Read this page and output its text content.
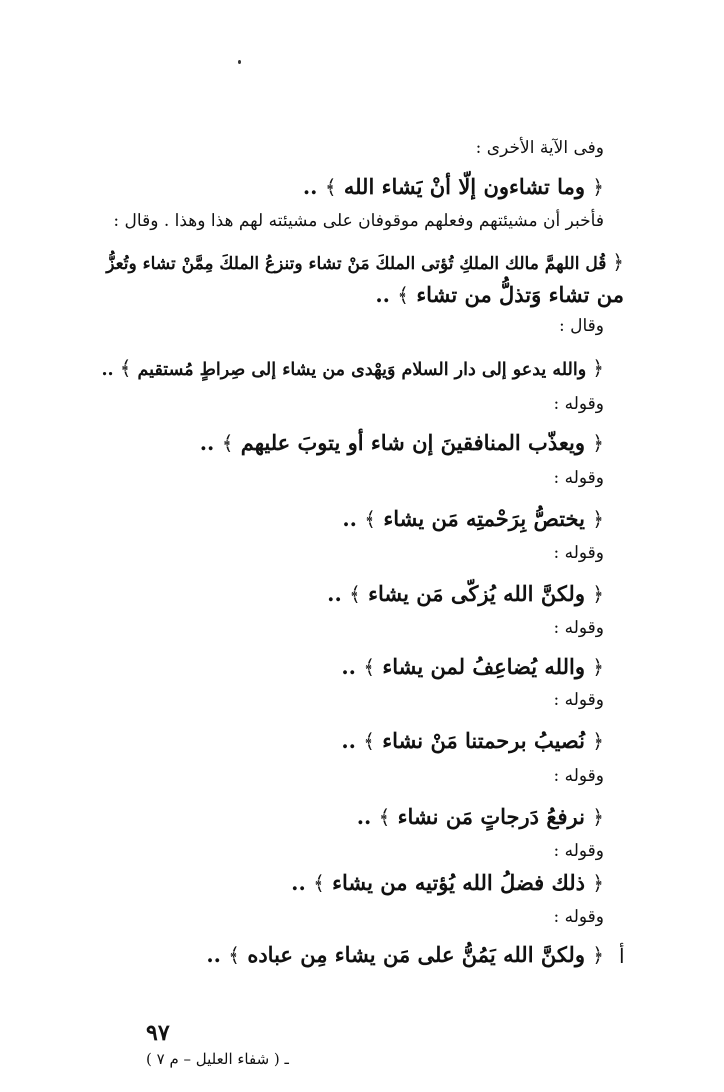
وفى الآية الأخرى :
﴿ وما تشاءون إلّا أنْ يَشاء الله ﴾ ..
فأخبر أن مشيئتهم وفعلهم موقوفان على مشيئته لهم هذا وهذا . وقال :
﴿ قُل اللهمَّ مالك الملكِ تُؤتى الملكَ مَنْ تشاء وتنزعُ الملكَ مِمَّنْ تشاء وتُعزُّ
من تشاء وَتذلُّ من تشاء ﴾ ..
وقال :
﴿ والله يدعو إلى دار السلام وَيهْدى من يشاء إلى صِراطٍ مُستقيم ﴾ ..
وقوله :
﴿ ويعذّب المنافقينَ إن شاء أو يتوبَ عليهم ﴾ ..
وقوله :
﴿ يختصُّ بِرَحْمتِه مَن يشاء ﴾ ..
وقوله :
﴿ ولكنَّ الله يُزكّى مَن يشاء ﴾ ..
وقوله :
﴿ والله يُضاعِفُ لمن يشاء ﴾ ..
وقوله :
﴿ نُصيبُ برحمتنا مَنْ نشاء ﴾ ..
وقوله :
﴿ نرفعُ دَرجاتٍ مَن نشاء ﴾ ..
وقوله :
﴿ ذلك فضلُ الله يُؤتيه من يشاء ﴾ ..
وقوله :
﴿ ولكنَّ الله يَمُنُّ على مَن يشاء مِن عباده ﴾ ..	أ
٩٧
ـ ( شفاء العليل – م ٧ )
